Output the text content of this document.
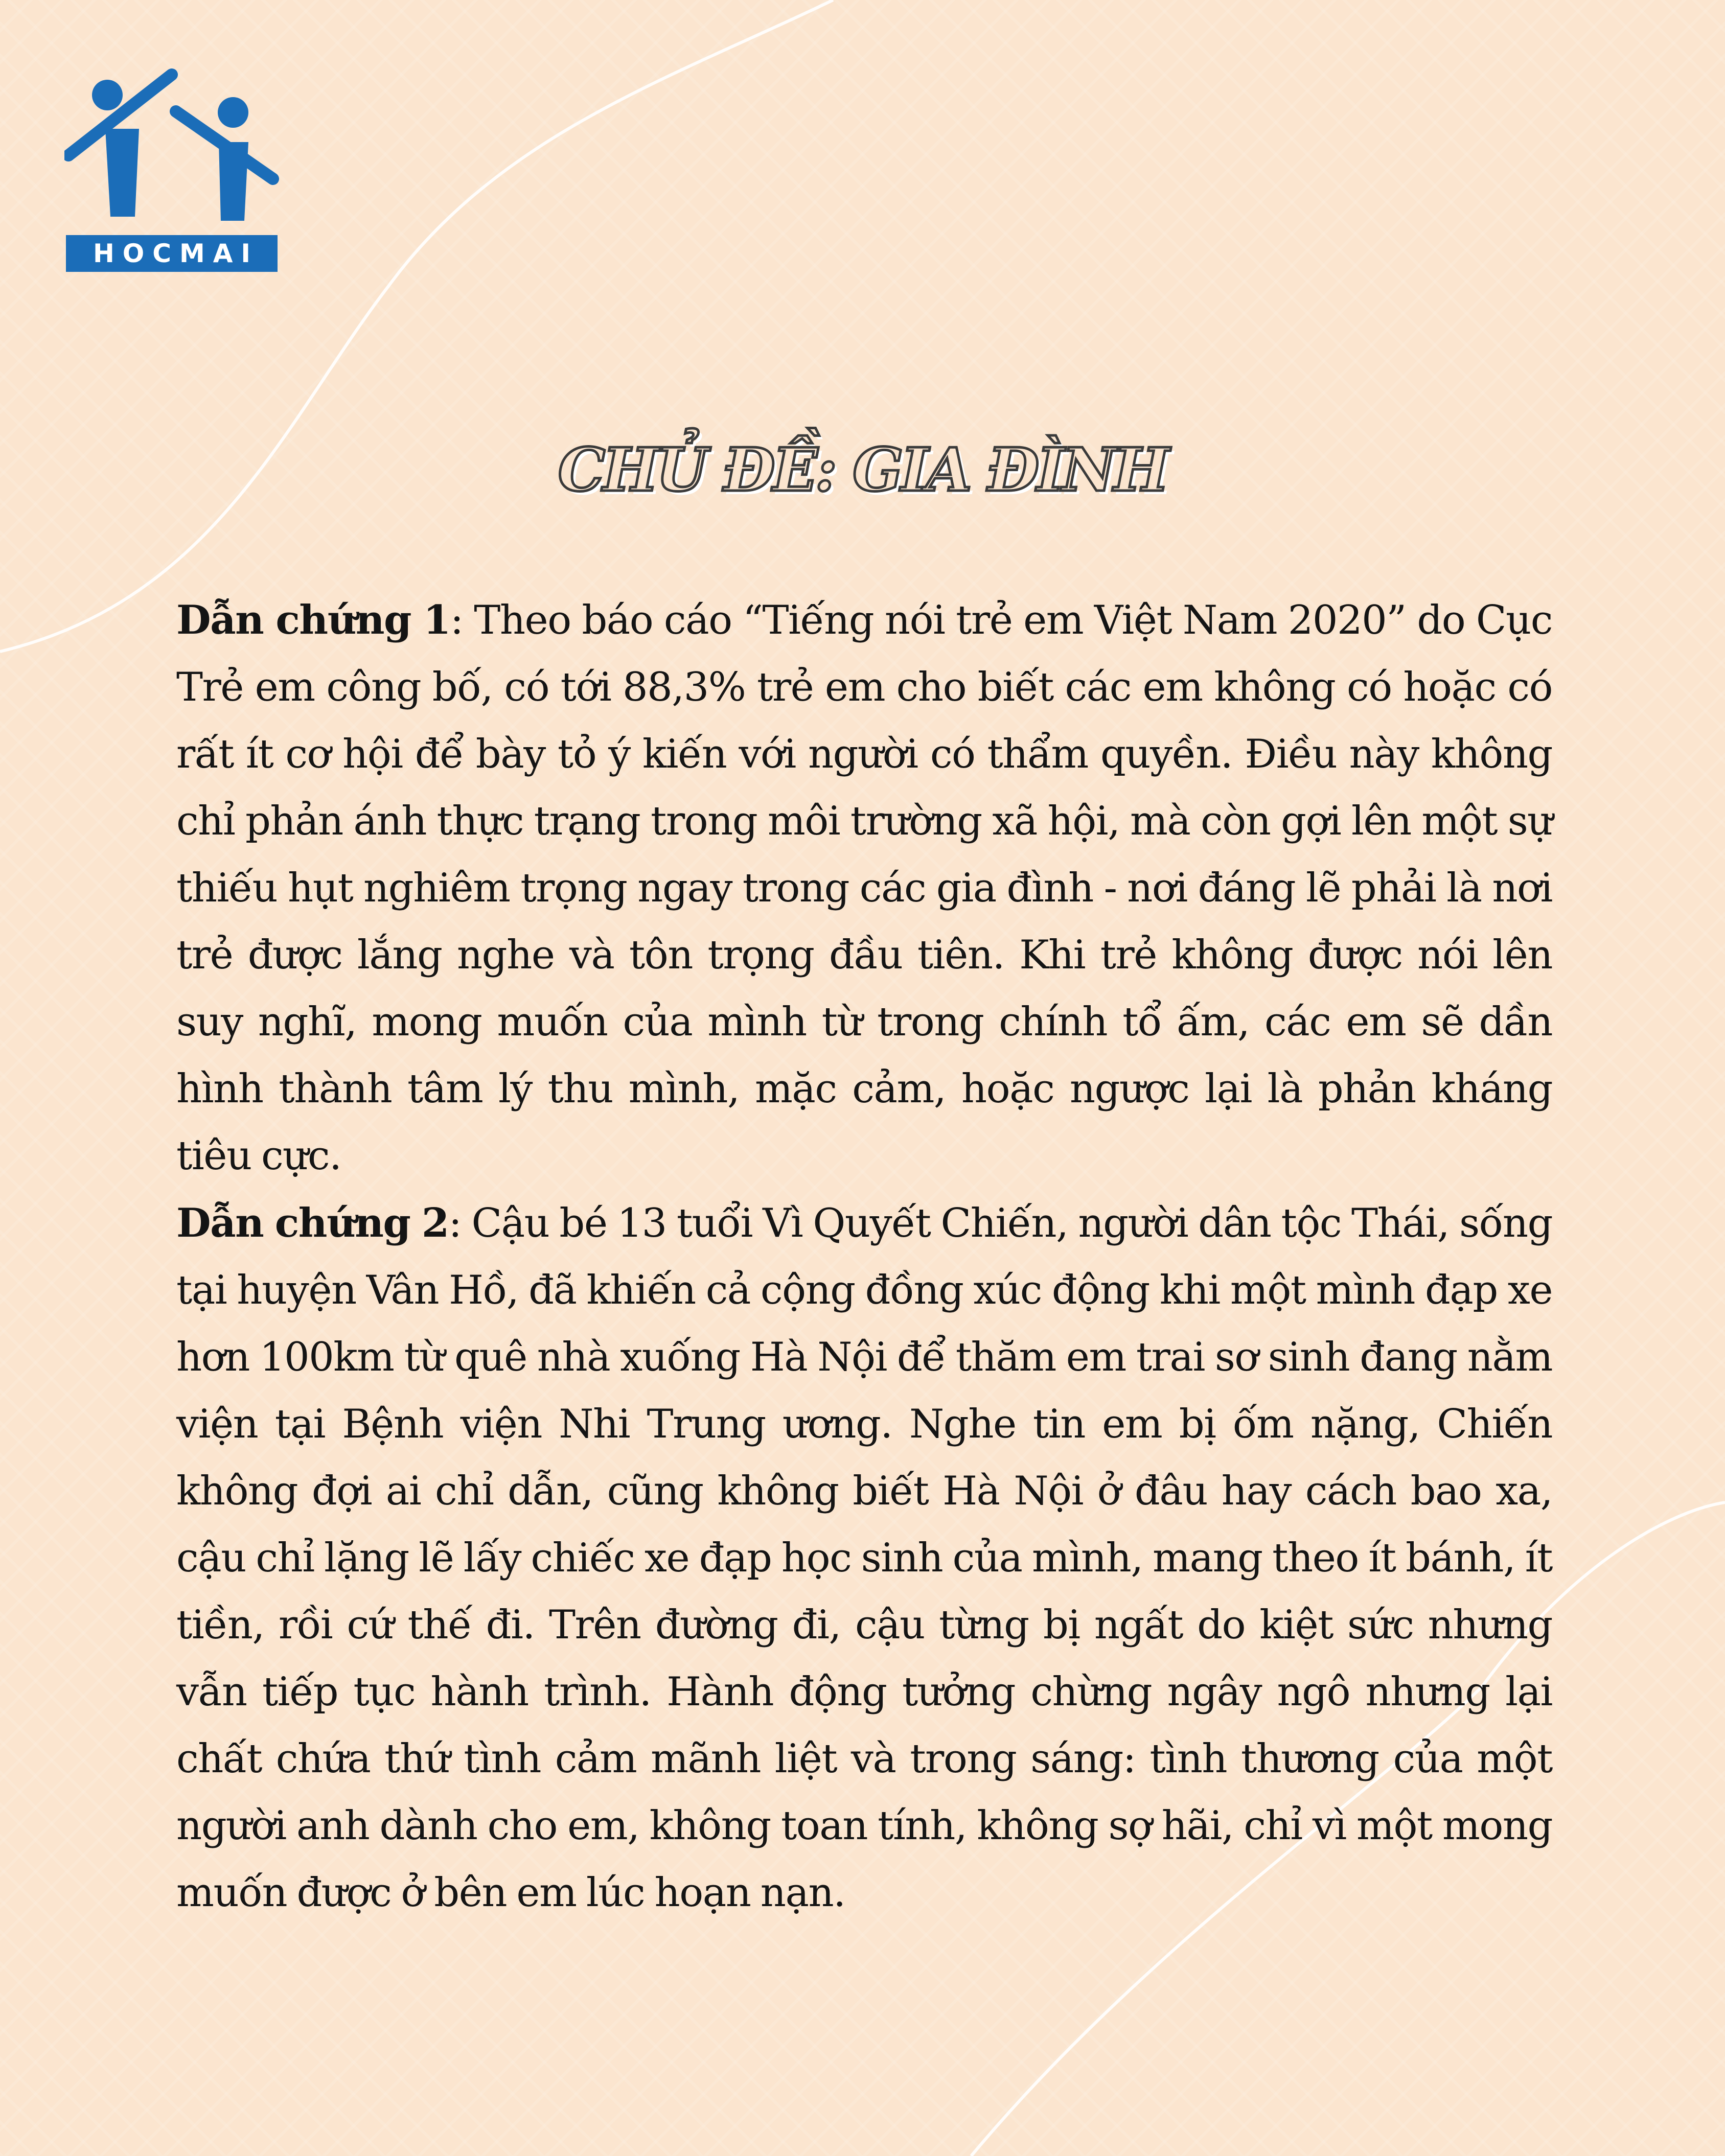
HOCMAI
CHỦ ĐỀ: GIA ĐÌNH

Dẫn chứng 1: Theo báo cáo “Tiếng nói trẻ em Việt Nam 2020” do Cục Trẻ em công bố, có tới 88,3% trẻ em cho biết các em không có hoặc có rất ít cơ hội để bày tỏ ý kiến với người có thẩm quyền. Điều này không chỉ phản ánh thực trạng trong môi trường xã hội, mà còn gợi lên một sự thiếu hụt nghiêm trọng ngay trong các gia đình - nơi đáng lẽ phải là nơi trẻ được lắng nghe và tôn trọng đầu tiên. Khi trẻ không được nói lên suy nghĩ, mong muốn của mình từ trong chính tổ ấm, các em sẽ dần hình thành tâm lý thu mình, mặc cảm, hoặc ngược lại là phản kháng tiêu cực.

Dẫn chứng 2: Cậu bé 13 tuổi Vì Quyết Chiến, người dân tộc Thái, sống tại huyện Vân Hồ, đã khiến cả cộng đồng xúc động khi một mình đạp xe hơn 100km từ quê nhà xuống Hà Nội để thăm em trai sơ sinh đang nằm viện tại Bệnh viện Nhi Trung ương. Nghe tin em bị ốm nặng, Chiến không đợi ai chỉ dẫn, cũng không biết Hà Nội ở đâu hay cách bao xa, cậu chỉ lặng lẽ lấy chiếc xe đạp học sinh của mình, mang theo ít bánh, ít tiền, rồi cứ thế đi. Trên đường đi, cậu từng bị ngất do kiệt sức nhưng vẫn tiếp tục hành trình. Hành động tưởng chừng ngây ngô nhưng lại chất chứa thứ tình cảm mãnh liệt và trong sáng: tình thương của một người anh dành cho em, không toan tính, không sợ hãi, chỉ vì một mong muốn được ở bên em lúc hoạn nạn.
